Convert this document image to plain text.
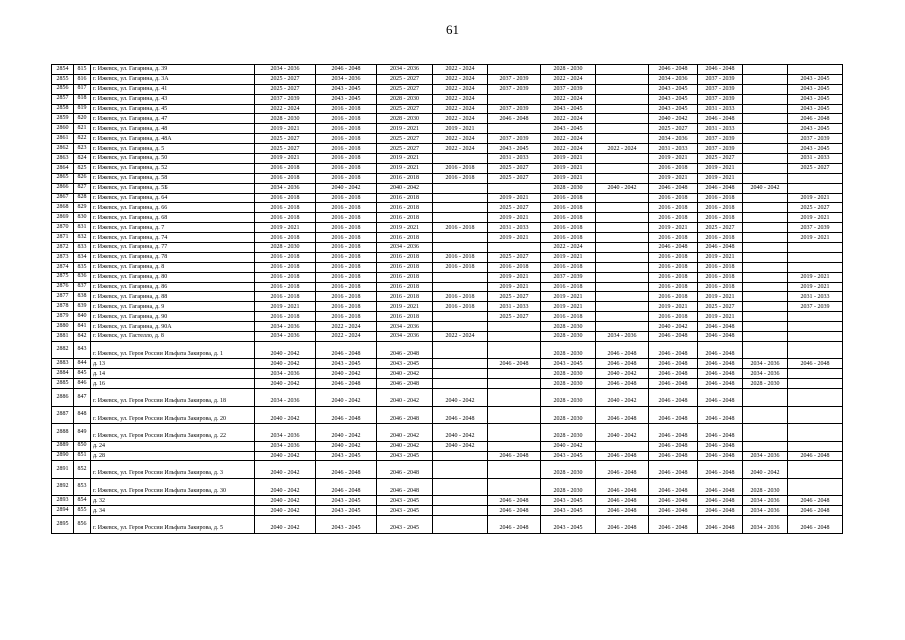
61
2854	815	г. Ижевск, ул. Гагарина, д. 39	2034 - 2036	2046 - 2048	2034 - 2036	2022 - 2024		2028 - 2030		2046 - 2048	2046 - 2048		
2855	816	г. Ижевск, ул. Гагарина, д. 3А	2025 - 2027	2034 - 2036	2025 - 2027	2022 - 2024	2037 - 2039	2022 - 2024		2034 - 2036	2037 - 2039		2043 - 2045
2856	817	г. Ижевск, ул. Гагарина, д. 41	2025 - 2027	2043 - 2045	2025 - 2027	2022 - 2024	2037 - 2039	2037 - 2039		2043 - 2045	2037 - 2039		2043 - 2045
2857	818	г. Ижевск, ул. Гагарина, д. 43	2037 - 2039	2043 - 2045	2028 - 2030	2022 - 2024		2022 - 2024		2043 - 2045	2037 - 2039		2043 - 2045
2858	819	г. Ижевск, ул. Гагарина, д. 45	2022 - 2024	2016 - 2018	2025 - 2027	2022 - 2024	2037 - 2039	2043 - 2045		2043 - 2045	2031 - 2033		2043 - 2045
2859	820	г. Ижевск, ул. Гагарина, д. 47	2028 - 2030	2016 - 2018	2028 - 2030	2022 - 2024	2046 - 2048	2022 - 2024		2040 - 2042	2046 - 2048		2046 - 2048
2860	821	г. Ижевск, ул. Гагарина, д. 48	2019 - 2021	2016 - 2018	2019 - 2021	2019 - 2021		2043 - 2045		2025 - 2027	2031 - 2033		2043 - 2045
2861	822	г. Ижевск, ул. Гагарина, д. 48А	2025 - 2027	2016 - 2018	2025 - 2027	2022 - 2024	2037 - 2039	2022 - 2024		2034 - 2036	2037 - 2039		2037 - 2039
2862	823	г. Ижевск, ул. Гагарина, д. 5	2025 - 2027	2016 - 2018	2025 - 2027	2022 - 2024	2043 - 2045	2022 - 2024	2022 - 2024	2031 - 2033	2037 - 2039		2043 - 2045
2863	824	г. Ижевск, ул. Гагарина, д. 50	2019 - 2021	2016 - 2018	2019 - 2021		2031 - 2033	2019 - 2021		2019 - 2021	2025 - 2027		2031 - 2033
2864	825	г. Ижевск, ул. Гагарина, д. 52	2016 - 2018	2016 - 2018	2019 - 2021	2016 - 2018	2025 - 2027	2019 - 2021		2016 - 2018	2019 - 2021		2025 - 2027
2865	826	г. Ижевск, ул. Гагарина, д. 58	2016 - 2018	2016 - 2018	2016 - 2018	2016 - 2018	2025 - 2027	2019 - 2021		2019 - 2021	2019 - 2021		
2866	827	г. Ижевск, ул. Гагарина, д. 5Б	2034 - 2036	2040 - 2042	2040 - 2042			2028 - 2030	2040 - 2042	2046 - 2048	2046 - 2048	2040 - 2042	
2867	828	г. Ижевск, ул. Гагарина, д. 64	2016 - 2018	2016 - 2018	2016 - 2018		2019 - 2021	2016 - 2018		2016 - 2018	2016 - 2018		2019 - 2021
2868	829	г. Ижевск, ул. Гагарина, д. 66	2016 - 2018	2016 - 2018	2016 - 2018		2025 - 2027	2016 - 2018		2016 - 2018	2016 - 2018		2025 - 2027
2869	830	г. Ижевск, ул. Гагарина, д. 68	2016 - 2018	2016 - 2018	2016 - 2018		2019 - 2021	2016 - 2018		2016 - 2018	2016 - 2018		2019 - 2021
2870	831	г. Ижевск, ул. Гагарина, д. 7	2019 - 2021	2016 - 2018	2019 - 2021	2016 - 2018	2031 - 2033	2016 - 2018		2019 - 2021	2025 - 2027		2037 - 2039
2871	832	г. Ижевск, ул. Гагарина, д. 74	2016 - 2018	2016 - 2018	2016 - 2018		2019 - 2021	2016 - 2018		2016 - 2018	2016 - 2018		2019 - 2021
2872	833	г. Ижевск, ул. Гагарина, д. 77	2028 - 2030	2016 - 2018	2034 - 2036			2022 - 2024		2046 - 2048	2046 - 2048		
2873	834	г. Ижевск, ул. Гагарина, д. 78	2016 - 2018	2016 - 2018	2016 - 2018	2016 - 2018	2025 - 2027	2019 - 2021		2016 - 2018	2019 - 2021		
2874	835	г. Ижевск, ул. Гагарина, д. 8	2016 - 2018	2016 - 2018	2016 - 2018	2016 - 2018	2016 - 2018	2016 - 2018		2016 - 2018	2016 - 2018		
2875	836	г. Ижевск, ул. Гагарина, д. 80	2016 - 2018	2016 - 2018	2016 - 2018		2019 - 2021	2037 - 2039		2016 - 2018	2016 - 2018		2019 - 2021
2876	837	г. Ижевск, ул. Гагарина, д. 86	2016 - 2018	2016 - 2018	2016 - 2018		2019 - 2021	2016 - 2018		2016 - 2018	2016 - 2018		2019 - 2021
2877	838	г. Ижевск, ул. Гагарина, д. 88	2016 - 2018	2016 - 2018	2016 - 2018	2016 - 2018	2025 - 2027	2019 - 2021		2016 - 2018	2019 - 2021		2031 - 2033
2878	839	г. Ижевск, ул. Гагарина, д. 9	2019 - 2021	2016 - 2018	2019 - 2021	2016 - 2018	2031 - 2033	2019 - 2021		2019 - 2021	2025 - 2027		2037 - 2039
2879	840	г. Ижевск, ул. Гагарина, д. 90	2016 - 2018	2016 - 2018	2016 - 2018		2025 - 2027	2016 - 2018		2016 - 2018	2019 - 2021		
2880	841	г. Ижевск, ул. Гагарина, д. 90А	2034 - 2036	2022 - 2024	2034 - 2036			2028 - 2030		2040 - 2042	2046 - 2048		
2881	842	г. Ижевск, ул. Гастелло, д. 8	2034 - 2036	2022 - 2024	2034 - 2036	2022 - 2024		2028 - 2030	2034 - 2036	2046 - 2048	2046 - 2048		
2882	843	г. Ижевск, ул. Героя России Ильфата Закирова, д. 1	2040 - 2042	2046 - 2048	2046 - 2048			2028 - 2030	2046 - 2048	2046 - 2048	2046 - 2048		
2883	844	д. 13	2040 - 2042	2043 - 2045	2043 - 2045		2046 - 2048	2043 - 2045	2046 - 2048	2046 - 2048	2046 - 2048	2034 - 2036	2046 - 2048
2884	845	д. 14	2034 - 2036	2040 - 2042	2040 - 2042			2028 - 2030	2040 - 2042	2046 - 2048	2046 - 2048	2034 - 2036	
2885	846	д. 16	2040 - 2042	2046 - 2048	2046 - 2048			2028 - 2030	2046 - 2048	2046 - 2048	2046 - 2048	2028 - 2030	
2886	847	г. Ижевск, ул. Героя России Ильфата Закирова, д. 18	2034 - 2036	2040 - 2042	2040 - 2042	2040 - 2042		2028 - 2030	2040 - 2042	2046 - 2048	2046 - 2048		
2887	848	г. Ижевск, ул. Героя России Ильфата Закирова, д. 20	2040 - 2042	2046 - 2048	2046 - 2048	2046 - 2048		2028 - 2030	2046 - 2048	2046 - 2048	2046 - 2048		
2888	849	г. Ижевск, ул. Героя России Ильфата Закирова, д. 22	2034 - 2036	2040 - 2042	2040 - 2042	2040 - 2042		2028 - 2030	2040 - 2042	2046 - 2048	2046 - 2048		
2889	850	д. 24	2034 - 2036	2040 - 2042	2040 - 2042	2040 - 2042		2040 - 2042		2046 - 2048	2046 - 2048		
2890	851	д. 28	2040 - 2042	2043 - 2045	2043 - 2045		2046 - 2048	2043 - 2045	2046 - 2048	2046 - 2048	2046 - 2048	2034 - 2036	2046 - 2048
2891	852	г. Ижевск, ул. Героя России Ильфата Закирова, д. 3	2040 - 2042	2046 - 2048	2046 - 2048			2028 - 2030	2046 - 2048	2046 - 2048	2046 - 2048	2040 - 2042	
2892	853	г. Ижевск, ул. Героя России Ильфата Закирова, д. 30	2040 - 2042	2046 - 2048	2046 - 2048			2028 - 2030	2046 - 2048	2046 - 2048	2046 - 2048	2028 - 2030	
2893	854	д. 32	2040 - 2042	2043 - 2045	2043 - 2045		2046 - 2048	2043 - 2045	2046 - 2048	2046 - 2048	2046 - 2048	2034 - 2036	2046 - 2048
2894	855	д. 34	2040 - 2042	2043 - 2045	2043 - 2045		2046 - 2048	2043 - 2045	2046 - 2048	2046 - 2048	2046 - 2048	2034 - 2036	2046 - 2048
2895	856	г. Ижевск, ул. Героя России Ильфата Закирова, д. 5	2040 - 2042	2043 - 2045	2043 - 2045		2046 - 2048	2043 - 2045	2046 - 2048	2046 - 2048	2046 - 2048	2034 - 2036	2046 - 2048
